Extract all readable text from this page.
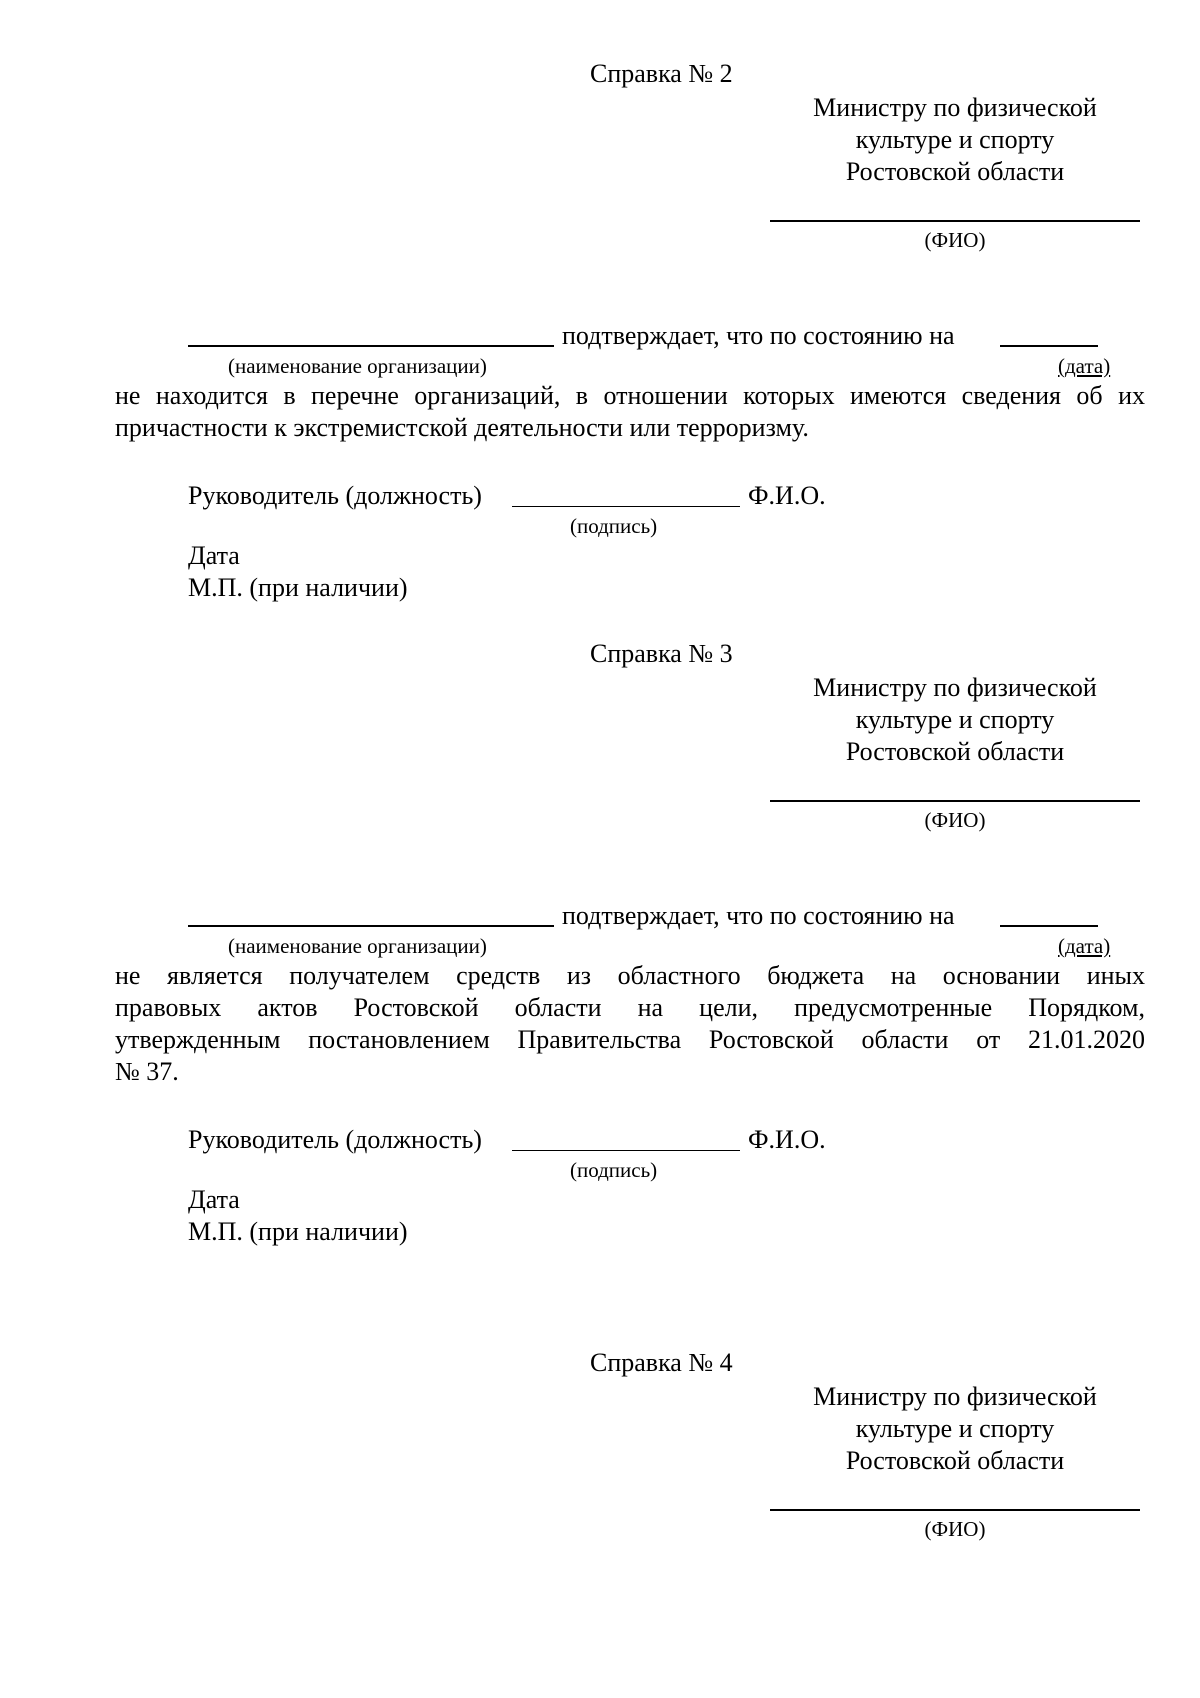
Справка № 2
Министру по физической
культуре и спорту
Ростовской области
(ФИО)
подтверждает, что по состоянию на
(наименование организации)	(дата)
не находится в перечне организаций, в отношении которых имеются сведения об их
причастности к экстремистской деятельности или терроризму.
Руководитель (должность)	Ф.И.О.
(подпись)
Дата
М.П. (при наличии)
Справка № 3
Министру по физической
культуре и спорту
Ростовской области
(ФИО)
подтверждает, что по состоянию на
(наименование организации)	(дата)
не является получателем средств из областного бюджета на основании иных
правовых актов Ростовской области на цели, предусмотренные Порядком,
утвержденным постановлением Правительства Ростовской области от 21.01.2020
№ 37.
Руководитель (должность)	Ф.И.О.
(подпись)
Дата
М.П. (при наличии)
Справка № 4
Министру по физической
культуре и спорту
Ростовской области
(ФИО)
